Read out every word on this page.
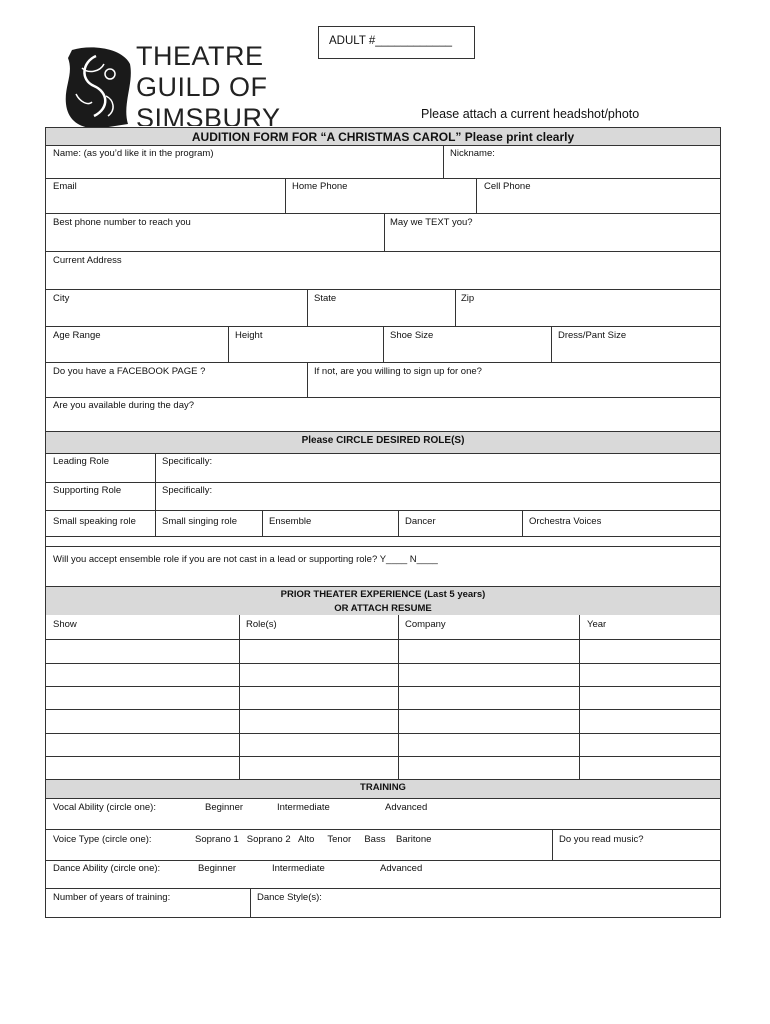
ADULT #____________
THEATRE
GUILD OF
SIMSBURY	Please attach a current headshot/photo
AUDITION FORM FOR “A CHRISTMAS CAROL” Please print clearly
Name: (as you’d like it in the program)	Nickname:
Email	Home Phone	Cell Phone
Best phone number to reach you	May we TEXT you?
Current Address
City	State	Zip
Age Range	Height	Shoe Size	Dress/Pant Size
Do you have a FACEBOOK PAGE ?	If not, are you willing to sign up for one?
Are you available during the day?
Please CIRCLE DESIRED ROLE(S)
Leading Role	Specifically:
Supporting Role	Specifically:
Small speaking role	Small singing role	Ensemble	Dancer	Orchestra Voices
Will you accept ensemble role if you are not cast in a lead or supporting role? Y____ N____
PRIOR THEATER EXPERIENCE (Last 5 years)
OR ATTACH RESUME
Show	Role(s)	Company	Year
TRAINING
Vocal Ability (circle one):	Beginner	Intermediate	Advanced
Voice Type (circle one):	Soprano 1   Soprano 2   Alto     Tenor     Bass    Baritone	Do you read music?
Dance Ability (circle one):	Beginner	Intermediate	Advanced
Number of years of training:	Dance Style(s):
